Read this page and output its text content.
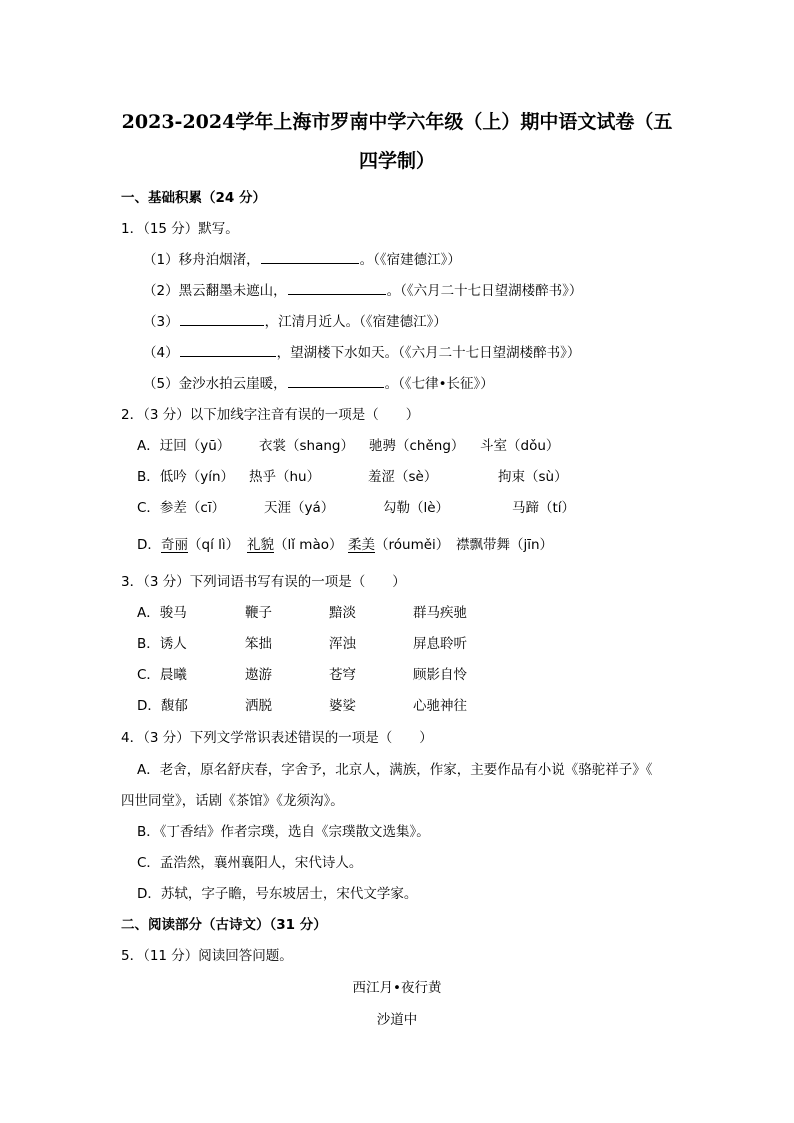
2023-2024学年上海市罗南中学六年级（上）期中语文试卷（五
四学制）
一、基础积累（24 分）
1．（15 分）默写。
（1）移舟泊烟渚，	。（《宿建德江》）
（2）黑云翻墨未遮山，	。（《六月二十七日望湖楼醉书》）
（3）	，江清月近人。（《宿建德江》）
（4）	，望湖楼下水如天。（《六月二十七日望湖楼醉书》）
（5）金沙水拍云崖暖，	。（《七律•长征》）
2．（3 分）以下加线字注音有误的一项是（　　）
A．迂回（yū） 衣裳（shang） 驰骋（chěng） 斗室（dǒu）
B．低吟（yín） 热乎（hu）	羞涩（sè）	拘束（sù）
C．参差（cī）	天涯（yá）	勾勒（lè）	马蹄（tí）
D． 奇丽（qí lì） 礼貌（lǐ mào） 柔美（róuměi） 襟飘带舞（jīn）
3．（3 分）下列词语书写有误的一项是（　　）
A．骏马	鞭子	黯淡	群马疾驰
B．诱人	笨拙	浑浊	屏息聆听
C．晨曦	遨游	苍穹	顾影自怜
D．馥郁	洒脱	婆娑	心驰神往
4．（3 分）下列文学常识表述错误的一项是（　　）
A．老舍，原名舒庆春，字舍予，北京人，满族，作家，主要作品有小说《骆驼祥子》《
四世同堂》，话剧《茶馆》《龙须沟》。
B．《丁香结》作者宗璞，选自《宗璞散文选集》。
C．孟浩然，襄州襄阳人，宋代诗人。
D．苏轼，字子瞻，号东坡居士，宋代文学家。
二、阅读部分（古诗文）（31 分）
5．（11 分）阅读回答问题。
西江月•夜行黄
沙道中
